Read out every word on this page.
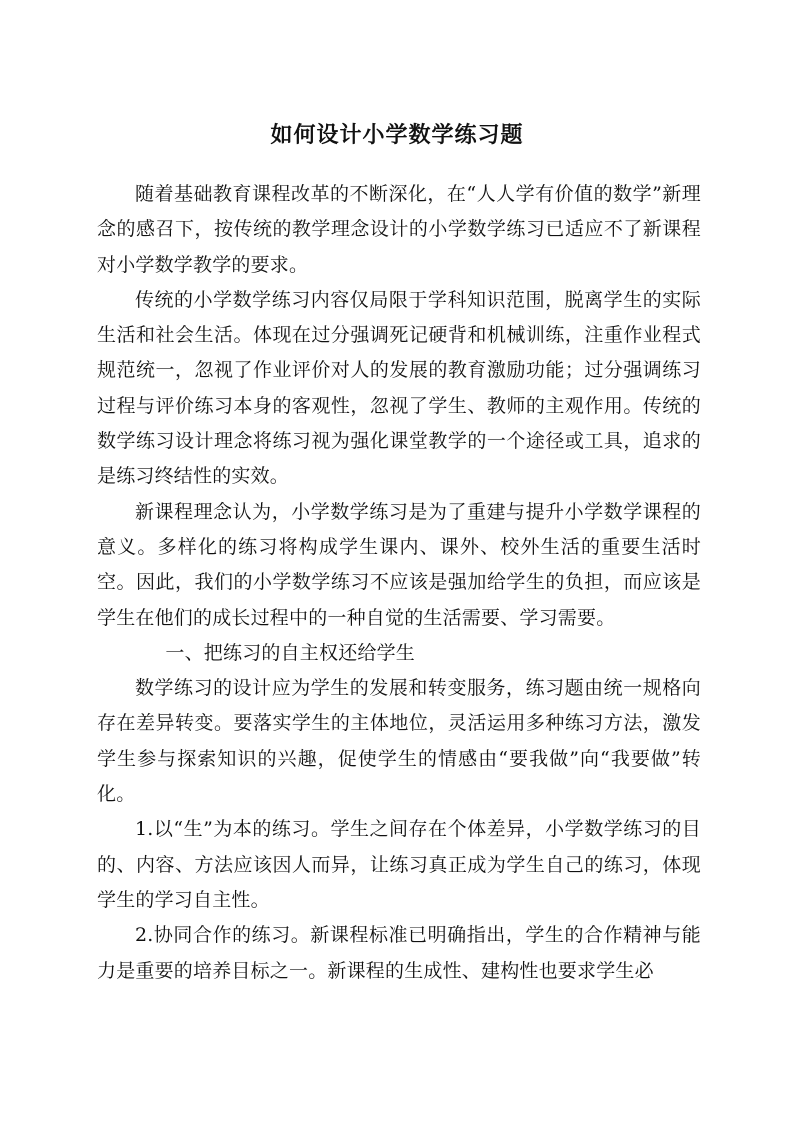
如何设计小学数学练习题

随着基础教育课程改革的不断深化，在“人人学有价值的数学”新理念的感召下，按传统的教学理念设计的小学数学练习已适应不了新课程对小学数学教学的要求。

传统的小学数学练习内容仅局限于学科知识范围，脱离学生的实际生活和社会生活。体现在过分强调死记硬背和机械训练，注重作业程式规范统一，忽视了作业评价对人的发展的教育激励功能；过分强调练习过程与评价练习本身的客观性，忽视了学生、教师的主观作用。传统的数学练习设计理念将练习视为强化课堂教学的一个途径或工具，追求的是练习终结性的实效。

新课程理念认为，小学数学练习是为了重建与提升小学数学课程的意义。多样化的练习将构成学生课内、课外、校外生活的重要生活时空。因此，我们的小学数学练习不应该是强加给学生的负担，而应该是学生在他们的成长过程中的一种自觉的生活需要、学习需要。

一、把练习的自主权还给学生

数学练习的设计应为学生的发展和转变服务，练习题由统一规格向存在差异转变。要落实学生的主体地位，灵活运用多种练习方法，激发学生参与探索知识的兴趣，促使学生的情感由“要我做”向“我要做”转化。

1.以“生”为本的练习。学生之间存在个体差异，小学数学练习的目的、内容、方法应该因人而异，让练习真正成为学生自己的练习，体现学生的学习自主性。

2.协同合作的练习。新课程标准已明确指出，学生的合作精神与能力是重要的培养目标之一。新课程的生成性、建构性也要求学生必
